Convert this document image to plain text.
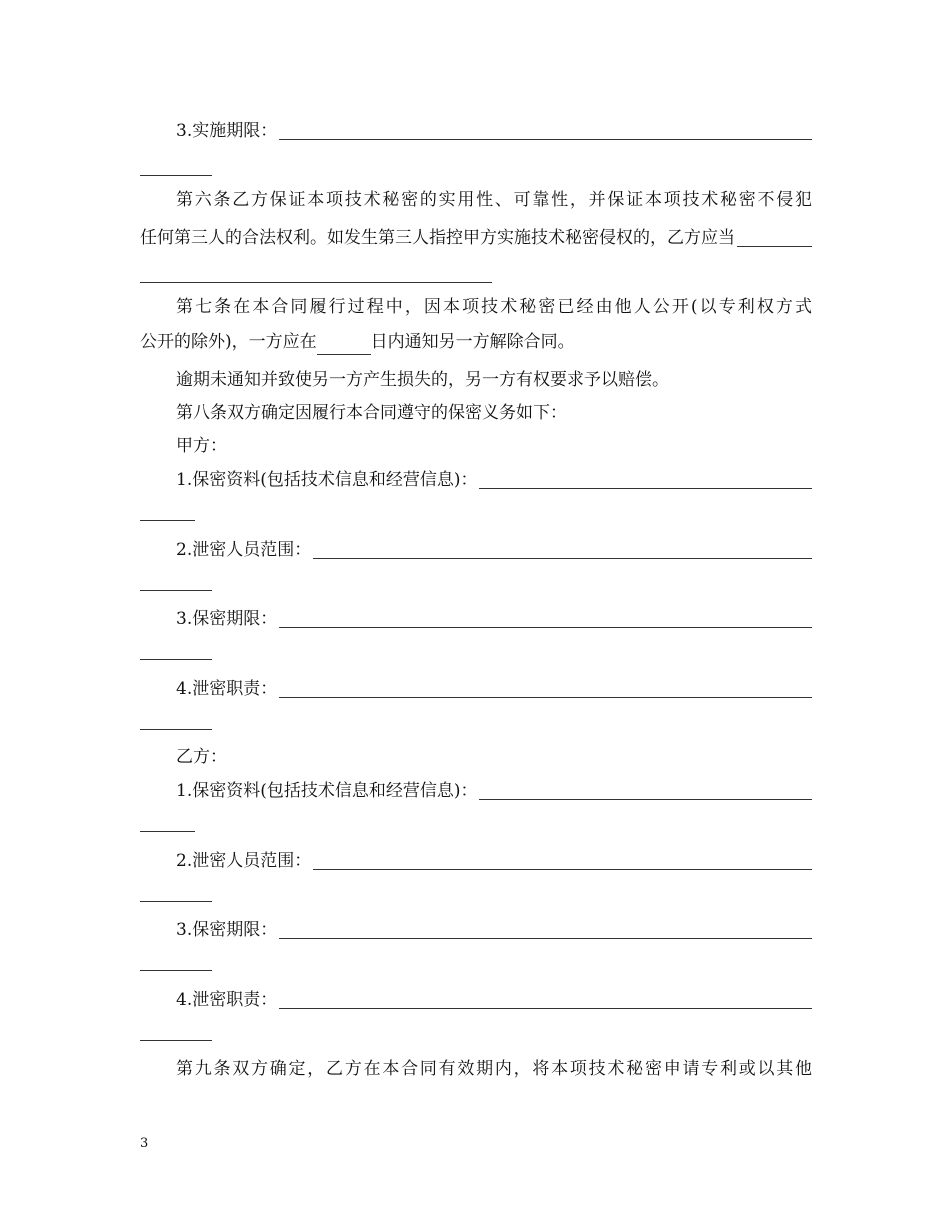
3.实施期限：
第六条乙方保证本项技术秘密的实用性、可靠性，并保证本项技术秘密不侵犯
任何第三人的合法权利。如发生第三人指控甲方实施技术秘密侵权的，乙方应当
第七条在本合同履行过程中，因本项技术秘密已经由他人公开(以专利权方式
公开的除外)，一方应在	日内通知另一方解除合同。
逾期未通知并致使另一方产生损失的，另一方有权要求予以赔偿。
第八条双方确定因履行本合同遵守的保密义务如下：
甲方：
1.保密资料(包括技术信息和经营信息)：
2.泄密人员范围：
3.保密期限：
4.泄密职责：
乙方：
1.保密资料(包括技术信息和经营信息)：
2.泄密人员范围：
3.保密期限：
4.泄密职责：
第九条双方确定，乙方在本合同有效期内，将本项技术秘密申请专利或以其他
3
